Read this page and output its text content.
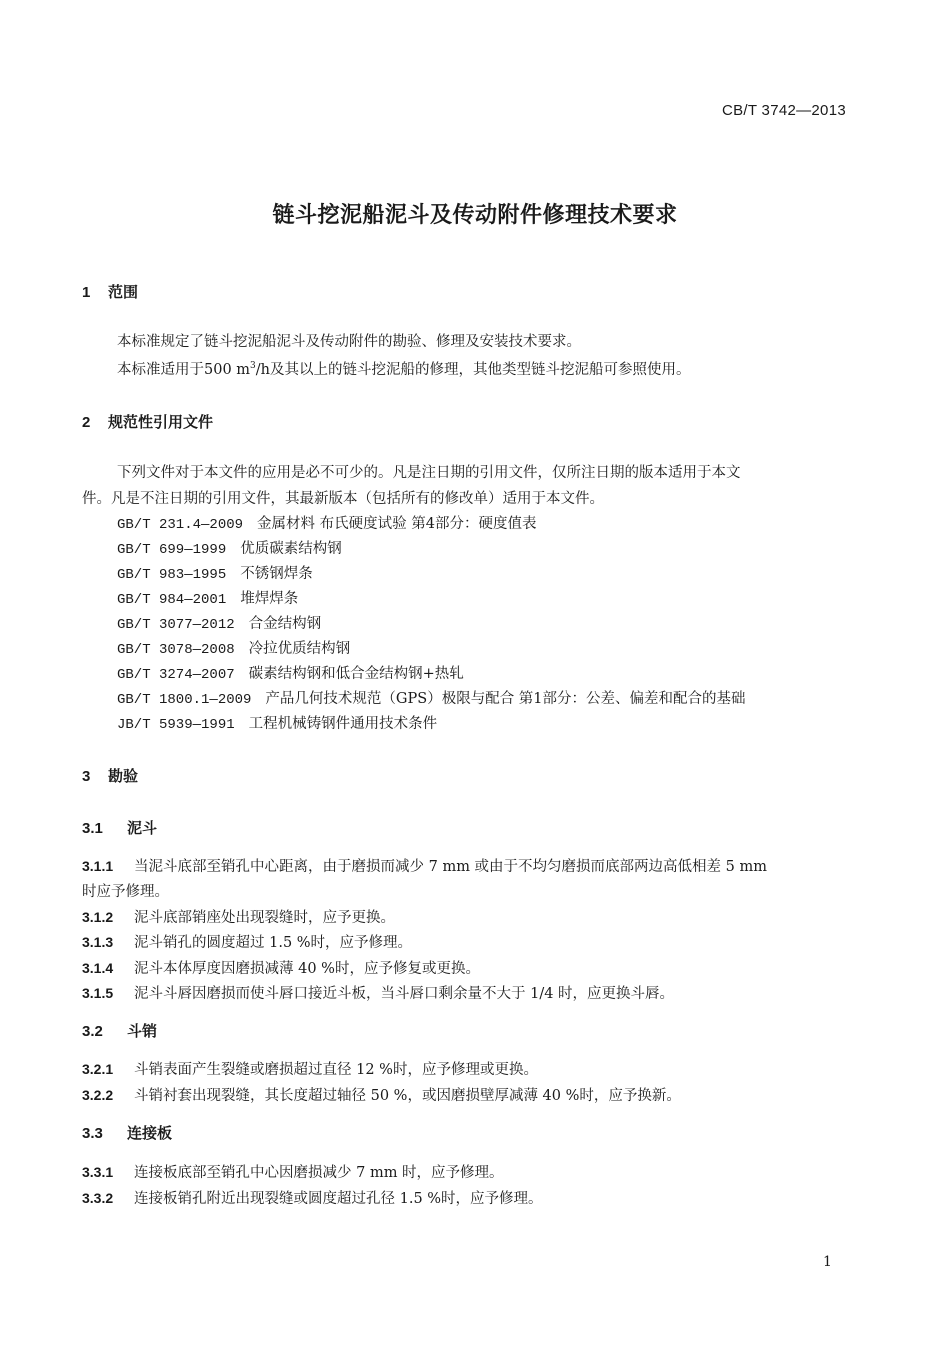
CB/T 3742—2013
链斗挖泥船泥斗及传动附件修理技术要求
1 范围
本标准规定了链斗挖泥船泥斗及传动附件的勘验、修理及安装技术要求。
本标准适用于500 $m^3/h$及其以上的链斗挖泥船的修理，其他类型链斗挖泥船可参照使用。
2 规范性引用文件
下列文件对于本文件的应用是必不可少的。凡是注日期的引用文件，仅所注日期的版本适用于本文
件。凡是不注日期的引用文件，其最新版本（包括所有的修改单）适用于本文件。
GB/T 231.4—2009 金属材料 布氏硬度试验 第4部分：硬度值表
GB/T 699—1999 优质碳素结构钢
GB/T 983—1995 不锈钢焊条
GB/T 984—2001 堆焊焊条
GB/T 3077—2012 合金结构钢
GB/T 3078—2008 冷拉优质结构钢
GB/T 3274—2007 碳素结构钢和低合金结构钢+热轧
GB/T 1800.1—2009 产品几何技术规范（GPS）极限与配合 第1部分：公差、偏差和配合的基础
JB/T 5939—1991 工程机械铸钢件通用技术条件
3 勘验
3.1 泥斗
3.1.1 当泥斗底部至销孔中心距离，由于磨损而减少 7 mm 或由于不均匀磨损而底部两边高低相差 5 mm
时应予修理。
3.1.2 泥斗底部销座处出现裂缝时，应予更换。
3.1.3 泥斗销孔的圆度超过 1.5 %时，应予修理。
3.1.4 泥斗本体厚度因磨损减薄 40 %时，应予修复或更换。
3.1.5 泥斗斗唇因磨损而使斗唇口接近斗板，当斗唇口剩余量不大于 1/4 时，应更换斗唇。
3.2 斗销
3.2.1 斗销表面产生裂缝或磨损超过直径 12 %时，应予修理或更换。
3.2.2 斗销衬套出现裂缝，其长度超过轴径 50 %，或因磨损壁厚减薄 40 %时，应予换新。
3.3 连接板
3.3.1 连接板底部至销孔中心因磨损减少 7 mm 时，应予修理。
3.3.2 连接板销孔附近出现裂缝或圆度超过孔径 1.5 %时，应予修理。
1
